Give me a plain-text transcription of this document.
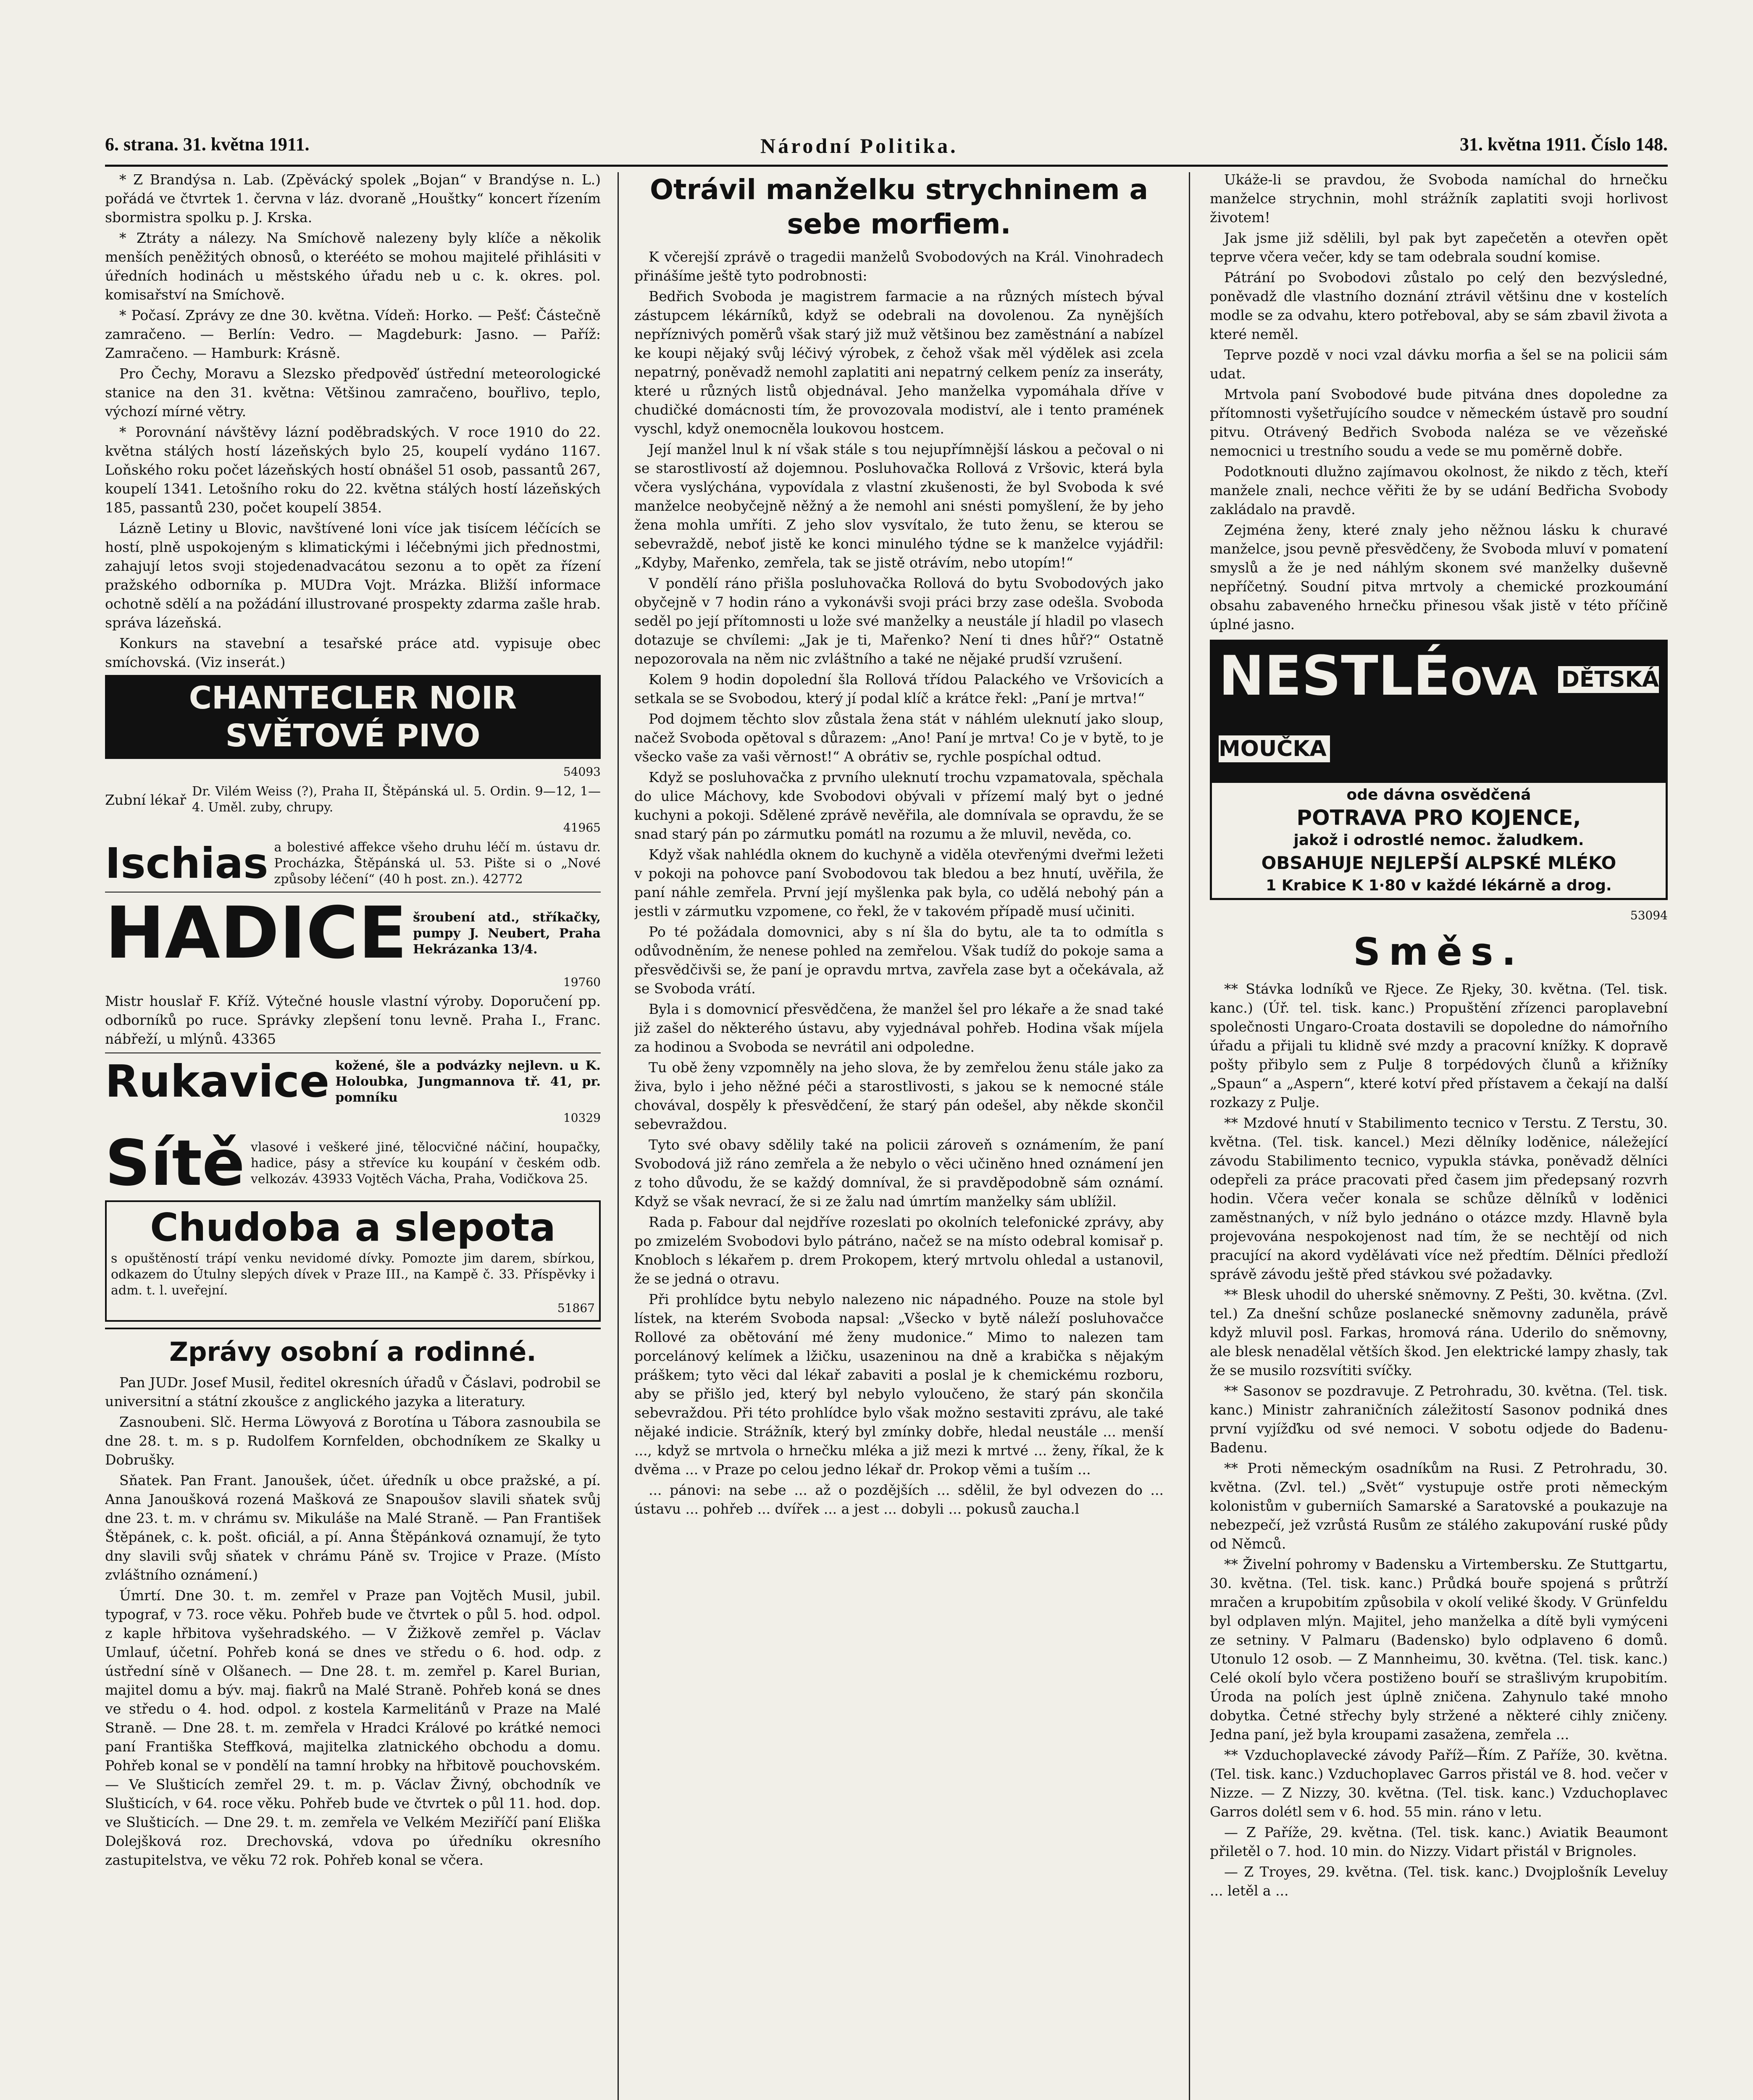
6. strana. 31. května 1911.	Národní Politika.	31. května 1911. Číslo 148.

* Z Brandýsa n. Lab. (Zpěvácký spolek „Bojan“ v Brandýse n. L.) pořádá ve čtvrtek 1. června v láz. dvoraně „Houštky“ koncert řízením sbormistra spolku p. J. Krska.

* Ztráty a nálezy. Na Smíchově nalezeny byly klíče a několik menších peněžitých obnosů, o kterééto se mohou majitelé přihlásiti v úředních hodinách u městského úřadu neb u c. k. okres. pol. komisařství na Smíchově.

* Počasí. Zprávy ze dne 30. května. Vídeň: Horko. — Pešť: Částečně zamračeno. — Berlín: Vedro. — Magdeburk: Jasno. — Paříž: Zamračeno. — Hamburk: Krásně.

Pro Čechy, Moravu a Slezsko předpověď ústřední meteorologické stanice na den 31. května: Většinou zamračeno, bouřlivo, teplo, výchozí mírné větry.

* Porovnání návštěvy lázní poděbradských. V roce 1910 do 22. května stálých hostí lázeňských bylo 25, koupelí vydáno 1167. Loňského roku počet lázeňských hostí obnášel 51 osob, passantů 267, koupelí 1341. Letošního roku do 22. května stálých hostí lázeňských 185, passantů 230, počet koupelí 3854.

Lázně Letiny u Blovic, navštívené loni více jak tisícem léčících se hostí, plně uspokojeným s klimatickými i léčebnými jich přednostmi, zahajují letos svoji stojedenadvacátou sezonu a to opět za řízení pražského odborníka p. MUDra Vojt. Mrázka. Bližší informace ochotně sdělí a na požádání illustrované prospekty zdarma zašle hrab. správa lázeňská.

Konkurs na stavební a tesařské práce atd. vypisuje obec smíchovská. (Viz inserát.)

CHANTECLER NOIR
SVĚTOVÉ PIVO
54093
Zubní lékař Dr. Vilém Weiss (?), Praha II, Štěpánská ul. 5. Ordin. 9—12, 1—4. Uměl. zuby, chrupy.
41965
Ischias a bolestivé affekce všeho druhu léčí m. ústavu dr. Procházka, Štěpánská ul. 53. Pište si o „Nové způsoby léčení“ (40 h post. zn.). 42772
HADICE šroubení atd., stříkačky, pumpy J. Neubert, Praha Hekrázanka 13/4.
19760

Mistr houslař F. Kříž. Výtečné housle vlastní výroby. Doporučení pp. odborníků po ruce. Správky zlepšení tonu levně. Praha I., Franc. nábřeží, u mlýnů. 43365

Rukavice kožené, šle a podvázky nejlevn. u K. Holoubka, Jungmannova tř. 41, pr. pomníku
10329
Sítě vlasové i veškeré jiné, tělocvičné náčiní, houpačky, hadice, pásy a střevíce ku koupání v českém odb. velkozáv. 43933 Vojtěch Vácha, Praha, Vodičkova 25.
Chudoba a slepota
s opuštěností trápí venku nevidomé dívky. Pomozte jim darem, sbírkou, odkazem do Útulny slepých dívek v Praze III., na Kampě č. 33. Příspěvky i adm. t. l. uveřejní.
51867
Zprávy osobní a rodinné.

Pan JUDr. Josef Musil, ředitel okresních úřadů v Čáslavi, podrobil se universitní a státní zkoušce z anglického jazyka a literatury.

Zasnoubeni. Slč. Herma Löwyová z Borotína u Tábora zasnoubila se dne 28. t. m. s p. Rudolfem Kornfelden, obchodníkem ze Skalky u Dobrušky.

Sňatek. Pan Frant. Janoušek, účet. úředník u obce pražské, a pí. Anna Janoušková rozená Mašková ze Snapoušov slavili sňatek svůj dne 23. t. m. v chrámu sv. Mikuláše na Malé Straně. — Pan František Štěpánek, c. k. pošt. oficiál, a pí. Anna Štěpánková oznamují, že tyto dny slavili svůj sňatek v chrámu Páně sv. Trojice v Praze. (Místo zvláštního oznámení.)

Úmrtí. Dne 30. t. m. zemřel v Praze pan Vojtěch Musil, jubil. typograf, v 73. roce věku. Pohřeb bude ve čtvrtek o půl 5. hod. odpol. z kaple hřbitova vyšehradského. — V Žižkově zemřel p. Václav Umlauf, účetní. Pohřeb koná se dnes ve středu o 6. hod. odp. z ústřední síně v Olšanech. — Dne 28. t. m. zemřel p. Karel Burian, majitel domu a býv. maj. fiakrů na Malé Straně. Pohřeb koná se dnes ve středu o 4. hod. odpol. z kostela Karmelitánů v Praze na Malé Straně. — Dne 28. t. m. zemřela v Hradci Králové po krátké nemoci paní Františka Steffková, majitelka zlatnického obchodu a domu. Pohřeb konal se v pondělí na tamní hrobky na hřbitově pouchovském. — Ve Slušticích zemřel 29. t. m. p. Václav Živný, obchodník ve Slušticích, v 64. roce věku. Pohřeb bude ve čtvrtek o půl 11. hod. dop. ve Slušticích. — Dne 29. t. m. zemřela ve Velkém Meziříčí paní Eliška Dolejšková roz. Drechovská, vdova po úředníku okresního zastupitelstva, ve věku 72 rok. Pohřeb konal se včera.

Otrávil manželku strychninem a sebe morfiem.

K včerejší zprávě o tragedii manželů Svobodových na Král. Vinohradech přinášíme ještě tyto podrobnosti:

Bedřich Svoboda je magistrem farmacie a na různých místech býval zástupcem lékárníků, když se odebrali na dovolenou. Za nynějších nepříznivých poměrů však starý již muž většinou bez zaměstnání a nabízel ke koupi nějaký svůj léčivý výrobek, z čehož však měl výdělek asi zcela nepatrný, poněvadž nemohl zaplatiti ani nepatrný celkem peníz za inseráty, které u různých listů objednával. Jeho manželka vypomáhala dříve v chudičké domácnosti tím, že provozovala modiství, ale i tento pramének vyschl, když onemocněla loukovou hostcem.

Její manžel lnul k ní však stále s tou nejupřímnější láskou a pečoval o ni se starostlivostí až dojemnou. Posluhovačka Rollová z Vršovic, která byla včera vyslýchána, vypovídala z vlastní zkušenosti, že byl Svoboda k své manželce neobyčejně něžný a že nemohl ani snésti pomyšlení, že by jeho žena mohla umříti. Z jeho slov vysvítalo, že tuto ženu, se kterou se sebevraždě, neboť jistě ke konci minulého týdne se k manželce vyjádřil: „Kdyby, Mařenko, zemřela, tak se jistě otrávím, nebo utopím!“

V pondělí ráno přišla posluhovačka Rollová do bytu Svobodových jako obyčejně v 7 hodin ráno a vykonávši svoji práci brzy zase odešla. Svoboda seděl po její přítomnosti u lože své manželky a neustále jí hladil po vlasech dotazuje se chvílemi: „Jak je ti, Mařenko? Není ti dnes hůř?“ Ostatně nepozorovala na něm nic zvláštního a také ne nějaké prudší vzrušení.

Kolem 9 hodin dopolední šla Rollová třídou Palackého ve Vršovicích a setkala se se Svobodou, který jí podal klíč a krátce řekl: „Paní je mrtva!“

Pod dojmem těchto slov zůstala žena stát v náhlém uleknutí jako sloup, načež Svoboda opětoval s důrazem: „Ano! Paní je mrtva! Co je v bytě, to je všecko vaše za vaši věrnost!“ A obrátiv se, rychle pospíchal odtud.

Když se posluhovačka z prvního uleknutí trochu vzpamatovala, spěchala do ulice Máchovy, kde Svobodovi obývali v přízemí malý byt o jedné kuchyni a pokoji. Sdělené zprávě nevěřila, ale domnívala se opravdu, že se snad starý pán po zármutku pomátl na rozumu a že mluvil, nevěda, co.

Když však nahlédla oknem do kuchyně a viděla otevřenými dveřmi ležeti v pokoji na pohovce paní Svobodovou tak bledou a bez hnutí, uvěřila, že paní náhle zemřela. První její myšlenka pak byla, co udělá nebohý pán a jestli v zármutku vzpomene, co řekl, že v takovém případě musí učiniti.

Po té požádala domovnici, aby s ní šla do bytu, ale ta to odmítla s odůvodněním, že nenese pohled na zemřelou. Však tudíž do pokoje sama a přesvědčivši se, že paní je opravdu mrtva, zavřela zase byt a očekávala, až se Svoboda vrátí.

Byla i s domovnicí přesvědčena, že manžel šel pro lékaře a že snad také již zašel do některého ústavu, aby vyjednával pohřeb. Hodina však míjela za hodinou a Svoboda se nevrátil ani odpoledne.

Tu obě ženy vzpomněly na jeho slova, že by zemřelou ženu stále jako za živa, bylo i jeho něžné péči a starostlivosti, s jakou se k nemocné stále chovával, dospěly k přesvědčení, že starý pán odešel, aby někde skončil sebevraždou.

Tyto své obavy sdělily také na policii zároveň s oznámením, že paní Svobodová již ráno zemřela a že nebylo o věci učiněno hned oznámení jen z toho důvodu, že se každý domníval, že si pravděpodobně sám oznámí. Když se však nevrací, že si ze žalu nad úmrtím manželky sám ublížil.

Rada p. Fabour dal nejdříve rozeslati po okolních telefonické zprávy, aby po zmizelém Svobodovi bylo pátráno, načež se na místo odebral komisař p. Knobloch s lékařem p. drem Prokopem, který mrtvolu ohledal a ustanovil, že se jedná o otravu.

Při prohlídce bytu nebylo nalezeno nic nápadného. Pouze na stole byl lístek, na kterém Svoboda napsal: „Všecko v bytě náleží posluhovačce Rollové za obětování mé ženy mudonice.“ Mimo to nalezen tam porcelánový kelímek a lžičku, usazeninou na dně a krabička s nějakým práškem; tyto věci dal lékař zabaviti a poslal je k chemickému rozboru, aby se přišlo jed, který byl nebylo vyloučeno, že starý pán skončila sebevraždou. Při této prohlídce bylo však možno sestaviti zprávu, ale také nějaké indicie. Strážník, který byl zmínky dobře, hledal neustále ... menší ..., když se mrtvola o hrnečku mléka a již mezi k mrtvé ... ženy, říkal, že k dvěma ... v Praze po celou jedno lékař dr. Prokop věmi a tuším ...

... pánovi: na sebe ... až o pozdějších ... sdělil, že byl odvezen do ... ústavu ... pohřeb ... dvířek ... a jest ... dobyli ... pokusů zaucha.l

Ukáže-li se pravdou, že Svoboda namíchal do hrnečku manželce strychnin, mohl strážník zaplatiti svoji horlivost životem!

Jak jsme již sdělili, byl pak byt zapečetěn a otevřen opět teprve včera večer, kdy se tam odebrala soudní komise.

Pátrání po Svobodovi zůstalo po celý den bezvýsledné, poněvadž dle vlastního doznání ztrávil většinu dne v kostelích modle se za odvahu, ktero potřeboval, aby se sám zbavil života a které neměl.

Teprve pozdě v noci vzal dávku morfia a šel se na policii sám udat.

Mrtvola paní Svobodové bude pitvána dnes dopoledne za přítomnosti vyšetřujícího soudce v německém ústavě pro soudní pitvu. Otrávený Bedřich Svoboda naléza se ve vězeňské nemocnici u trestního soudu a vede se mu poměrně dobře.

Podotknouti dlužno zajímavou okolnost, že nikdo z těch, kteří manžele znali, nechce věřiti že by se udání Bedřicha Svobody zakládalo na pravdě.

Zejména ženy, které znaly jeho něžnou lásku k churavé manželce, jsou pevně přesvědčeny, že Svoboda mluví v pomatení smyslů a že je ned náhlým skonem své manželky duševně nepříčetný. Soudní pitva mrtvoly a chemické prozkoumání obsahu zabaveného hrnečku přinesou však jistě v této příčině úplné jasno.

NESTLÉOVA DĚTSKÁ MOUČKA
ode dávna osvědčená
POTRAVA PRO KOJENCE,
jakož i odrostlé nemoc. žaludkem.
OBSAHUJE NEJLEPŠÍ ALPSKÉ MLÉKO
1 Krabice K 1·80 v každé lékárně a drog.
53094
Směs.

** Stávka lodníků ve Rjece. Ze Rjeky, 30. května. (Tel. tisk. kanc.) (Úř. tel. tisk. kanc.) Propuštění zřízenci paroplavební společnosti Ungaro-Croata dostavili se dopoledne do námořního úřadu a přijali tu klidně své mzdy a pracovní knížky. K dopravě pošty přibylo sem z Pulje 8 torpédových člunů a křižníky „Spaun“ a „Aspern“, které kotví před přístavem a čekají na další rozkazy z Pulje.

** Mzdové hnutí v Stabilimento tecnico v Terstu. Z Terstu, 30. května. (Tel. tisk. kancel.) Mezi dělníky loděnice, náležející závodu Stabilimento tecnico, vypukla stávka, poněvadž dělníci odepřeli za práce pracovati před časem jim předepsaný rozvrh hodin. Včera večer konala se schůze dělníků v loděnici zaměstnaných, v níž bylo jednáno o otázce mzdy. Hlavně byla projevována nespokojenost nad tím, že se nechtějí od nich pracující na akord vydělávati více než předtím. Dělníci předloží správě závodu ještě před stávkou své požadavky.

** Blesk uhodil do uherské sněmovny. Z Pešti, 30. května. (Zvl. tel.) Za dnešní schůze poslanecké sněmovny zaduněla, právě když mluvil posl. Farkas, hromová rána. Uderilo do sněmovny, ale blesk nenadělal větších škod. Jen elektrické lampy zhasly, tak že se musilo rozsvítiti svíčky.

** Sasonov se pozdravuje. Z Petrohradu, 30. května. (Tel. tisk. kanc.) Ministr zahraničních záležitostí Sasonov podniká dnes první vyjížďku od své nemoci. V sobotu odjede do Badenu-Badenu.

** Proti německým osadníkům na Rusi. Z Petrohradu, 30. května. (Zvl. tel.) „Svět“ vystupuje ostře proti německým kolonistům v guberniích Samarské a Saratovské a poukazuje na nebezpečí, jež vzrůstá Rusům ze stálého zakupování ruské půdy od Němců.

** Živelní pohromy v Badensku a Virtembersku. Ze Stuttgartu, 30. května. (Tel. tisk. kanc.) Průdká bouře spojená s průtrží mračen a krupobitím způsobila v okolí veliké škody. V Grünfeldu byl odplaven mlýn. Majitel, jeho manželka a dítě byli vymýceni ze setniny. V Palmaru (Badensko) bylo odplaveno 6 domů. Utonulo 12 osob. — Z Mannheimu, 30. května. (Tel. tisk. kanc.) Celé okolí bylo včera postiženo bouří se strašlivým krupobitím. Úroda na polích jest úplně zničena. Zahynulo také mnoho dobytka. Četné střechy byly stržené a některé cihly zničeny. Jedna paní, jež byla kroupami zasažena, zemřela ...

** Vzduchoplavecké závody Paříž—Řím. Z Paříže, 30. května. (Tel. tisk. kanc.) Vzduchoplavec Garros přistál ve 8. hod. večer v Nizze. — Z Nizzy, 30. května. (Tel. tisk. kanc.) Vzduchoplavec Garros dolétl sem v 6. hod. 55 min. ráno v letu.

— Z Paříže, 29. května. (Tel. tisk. kanc.) Aviatik Beaumont přiletěl o 7. hod. 10 min. do Nizzy. Vidart přistál v Brignoles.

— Z Troyes, 29. května. (Tel. tisk. kanc.) Dvojplošník Leveluy ... letěl a ...
